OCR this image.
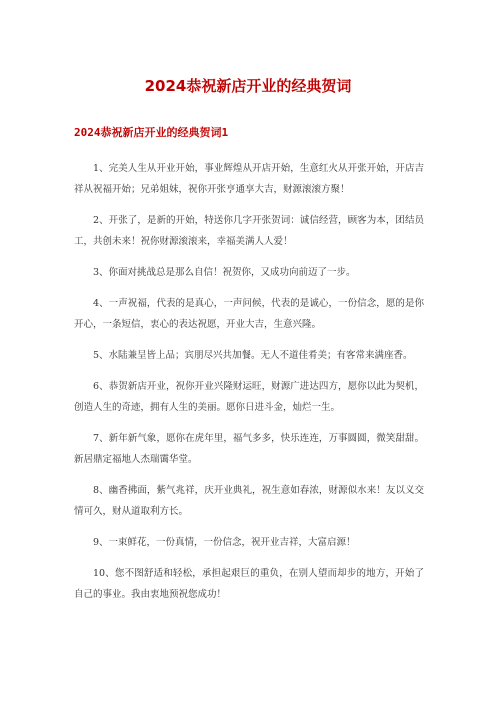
2024恭祝新店开业的经典贺词
2024恭祝新店开业的经典贺词1

1、完美人生从开业开始，事业辉煌从开店开始，生意红火从开张开始，开店吉祥从祝福开始；兄弟姐妹，祝你开张亨通享大吉，财源滚滚方聚！

2、开张了，是新的开始，特送你几字开张贺词：诚信经营，顾客为本，团结员工，共创未来！祝你财源滚滚来，幸福美满人人爱！

3、你面对挑战总是那么自信！祝贺你，又成功向前迈了一步。

4、一声祝福，代表的是真心，一声问候，代表的是诚心，一份信念，愿的是你开心，一条短信，衷心的表达祝愿，开业大吉，生意兴隆。

5、水陆兼呈皆上品；宾朋尽兴共加餐。无人不道佳肴美；有客常来满座香。

6、恭贺新店开业，祝你开业兴隆财运旺，财源广进达四方，愿你以此为契机，创造人生的奇迹，拥有人生的美丽。愿你日进斗金，灿烂一生。

7、新年新气象，愿你在虎年里，福气多多，快乐连连，万事圆圆，微笑甜甜。新居鼎定福地人杰瑞霭华堂。

8、幽香拂面，紫气兆祥，庆开业典礼，祝生意如春浓，财源似水来！友以义交情可久，财从道取利方长。

9、一束鲜花，一份真情，一份信念，祝开业吉祥，大富启源！

10、您不图舒适和轻松，承担起艰巨的重负，在别人望而却步的地方，开始了自己的事业。我由衷地预祝您成功！
